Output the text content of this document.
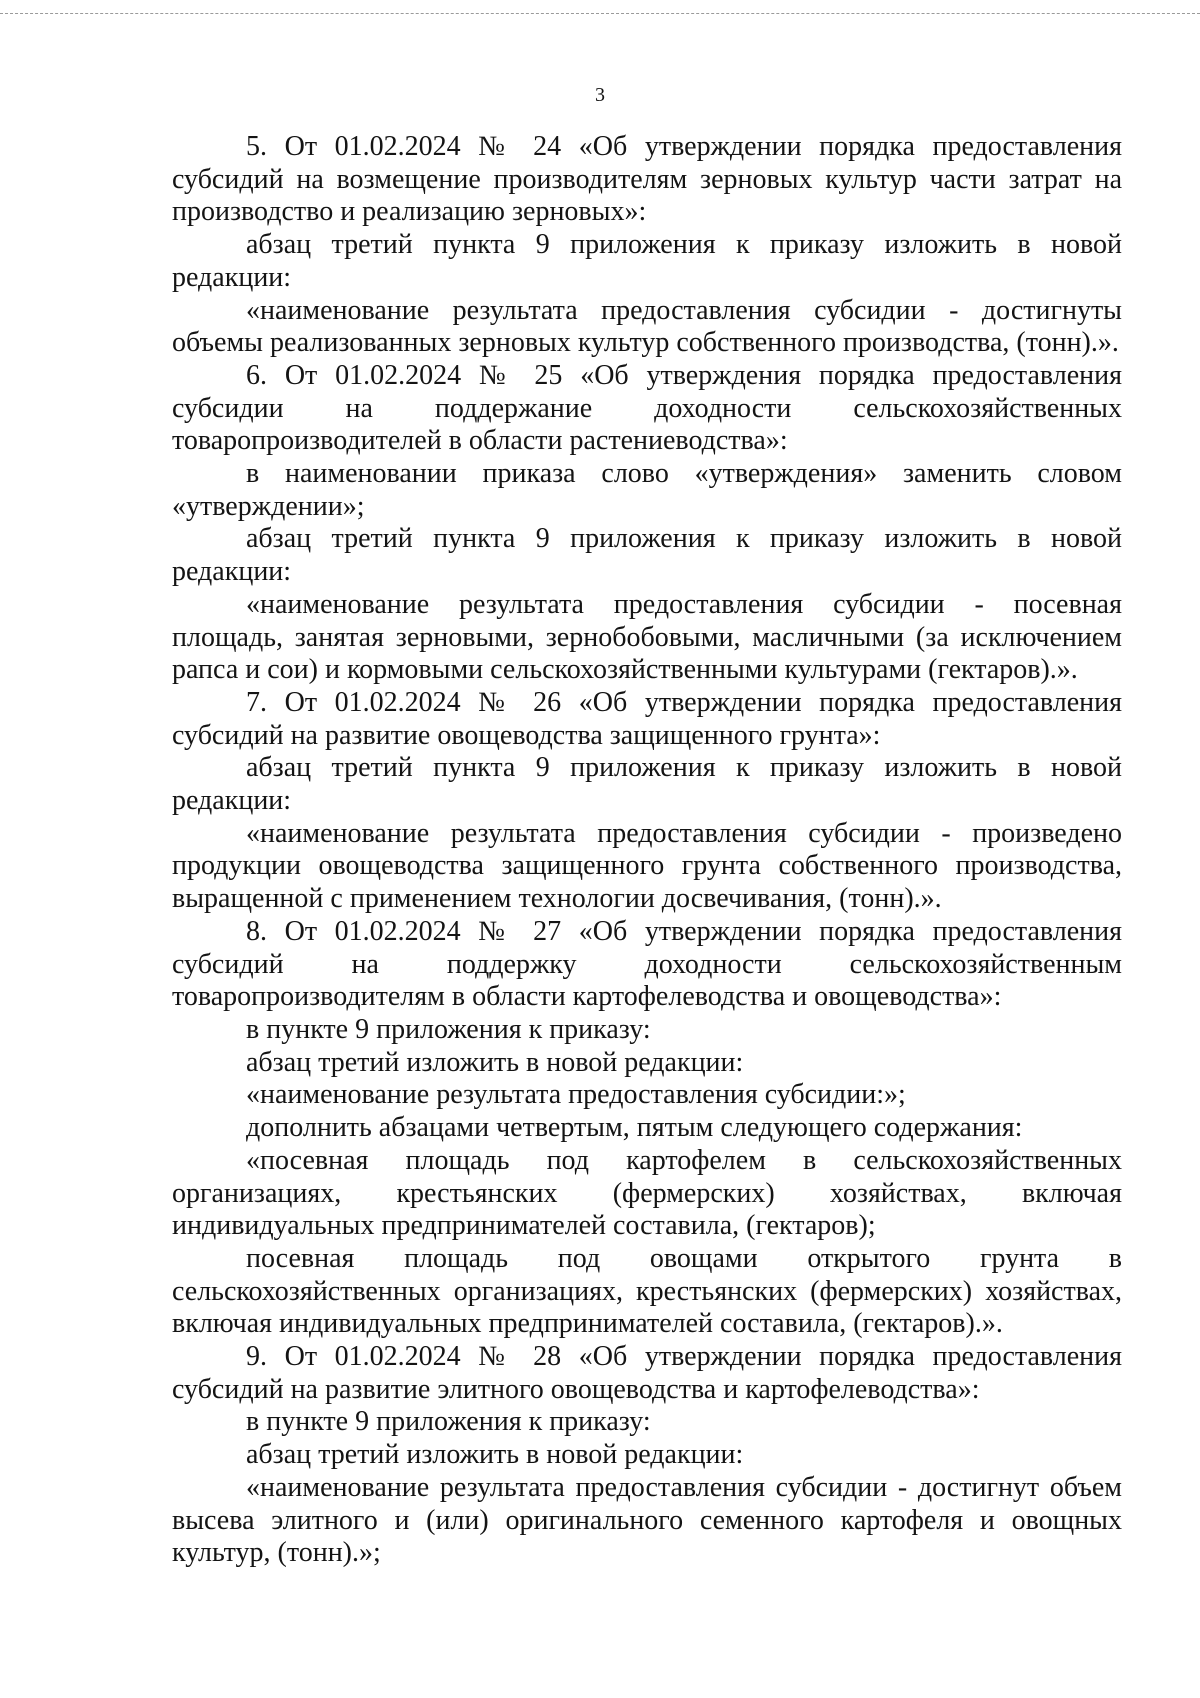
3

5. От 01.02.2024 № 24 «Об утверждении порядка предоставления субсидий на возмещение производителям зерновых культур части затрат на производство и реализацию зерновых»:

абзац третий пункта 9 приложения к приказу изложить в новой редакции:

«наименование результата предоставления субсидии - достигнуты объемы реализованных зерновых культур собственного производства, (тонн).».

6. От 01.02.2024 № 25 «Об утверждения порядка предоставления субсидии на поддержание доходности сельскохозяйственных товаропроизводителей в области растениеводства»:

в наименовании приказа слово «утверждения» заменить словом «утверждении»;

абзац третий пункта 9 приложения к приказу изложить в новой редакции:

«наименование результата предоставления субсидии - посевная площадь, занятая зерновыми, зернобобовыми, масличными (за исключением рапса и сои) и кормовыми сельскохозяйственными культурами (гектаров).».

7. От 01.02.2024 № 26 «Об утверждении порядка предоставления субсидий на развитие овощеводства защищенного грунта»:

абзац третий пункта 9 приложения к приказу изложить в новой редакции:

«наименование результата предоставления субсидии - произведено продукции овощеводства защищенного грунта собственного производства, выращенной с применением технологии досвечивания, (тонн).».

8. От 01.02.2024 № 27 «Об утверждении порядка предоставления субсидий на поддержку доходности сельскохозяйственным товаропроизводителям в области картофелеводства и овощеводства»:

в пункте 9 приложения к приказу:

абзац третий изложить в новой редакции:

«наименование результата предоставления субсидии:»;

дополнить абзацами четвертым, пятым следующего содержания:

«посевная площадь под картофелем в сельскохозяйственных организациях, крестьянских (фермерских) хозяйствах, включая индивидуальных предпринимателей составила, (гектаров);

посевная площадь под овощами открытого грунта в сельскохозяйственных организациях, крестьянских (фермерских) хозяйствах, включая индивидуальных предпринимателей составила, (гектаров).».

9. От 01.02.2024 № 28 «Об утверждении порядка предоставления субсидий на развитие элитного овощеводства и картофелеводства»:

в пункте 9 приложения к приказу:

абзац третий изложить в новой редакции:

«наименование результата предоставления субсидии - достигнут объем высева элитного и (или) оригинального семенного картофеля и овощных культур, (тонн).»;
